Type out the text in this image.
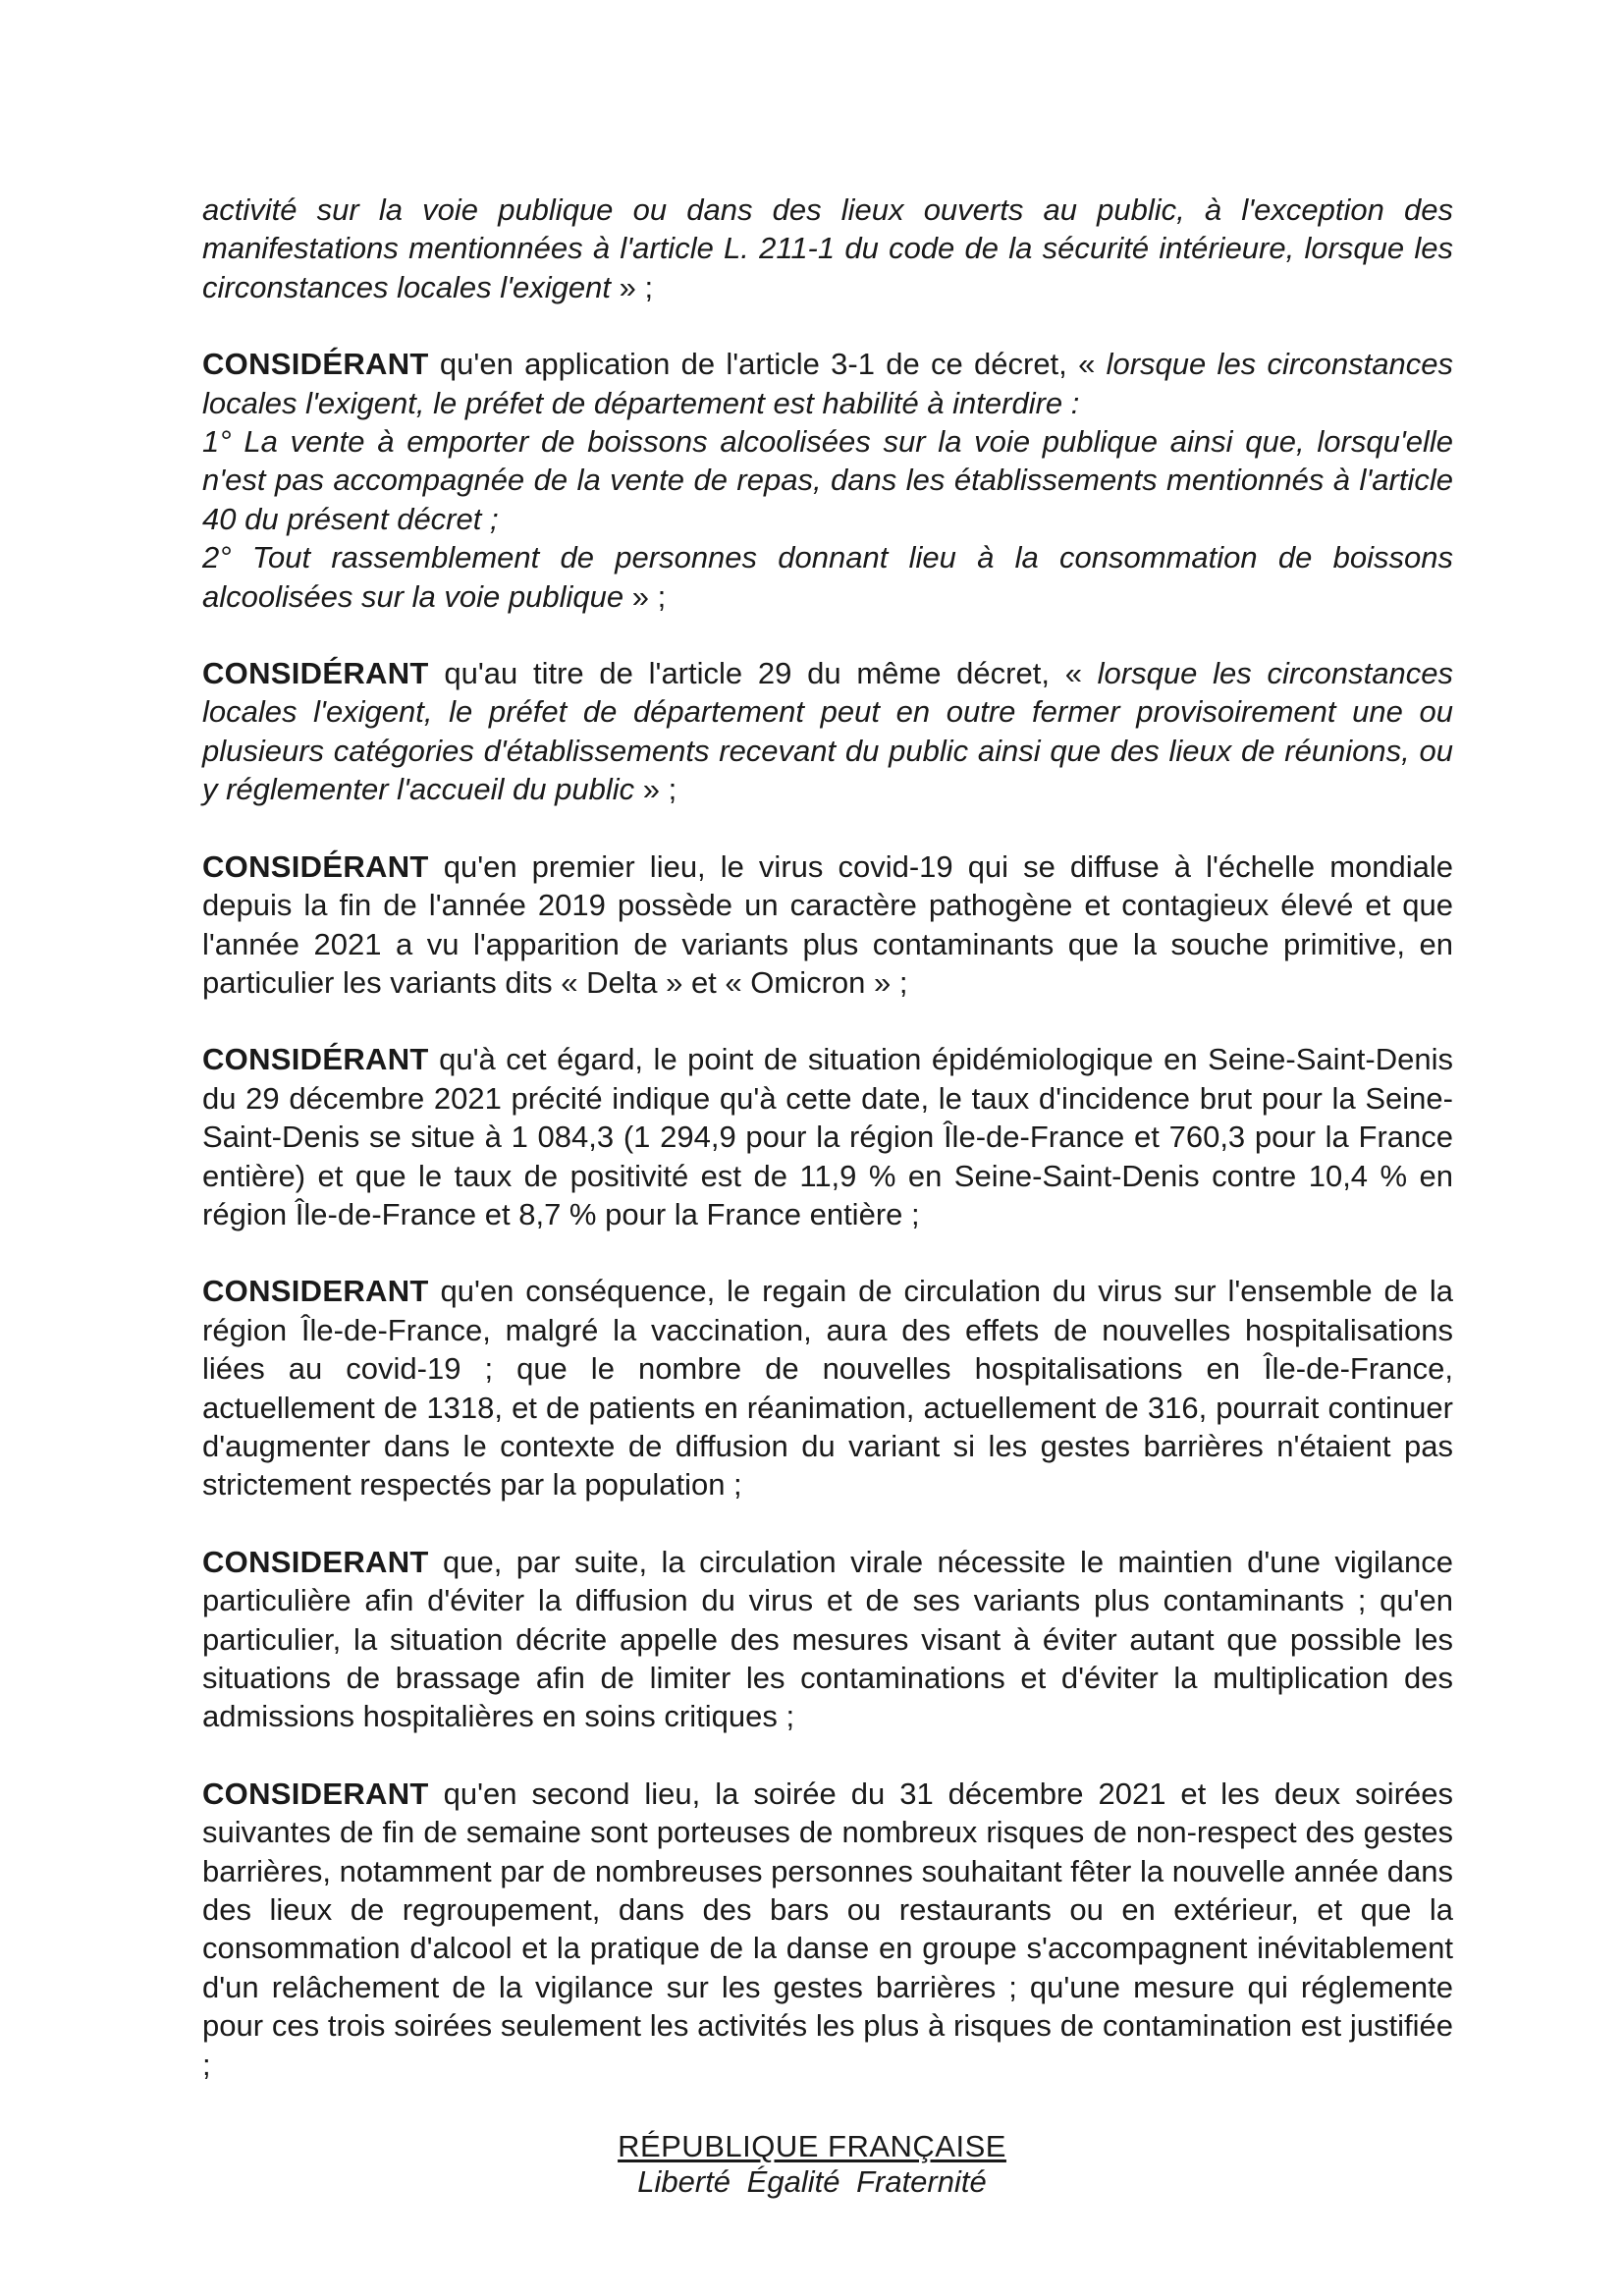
activité sur la voie publique ou dans des lieux ouverts au public, à l'exception des manifestations mentionnées à l'article L. 211-1 du code de la sécurité intérieure, lorsque les circonstances locales l'exigent » ;

CONSIDÉRANT qu'en application de l'article 3-1 de ce décret, « lorsque les circonstances locales l'exigent, le préfet de département est habilité à interdire :
1° La vente à emporter de boissons alcoolisées sur la voie publique ainsi que, lorsqu'elle n'est pas accompagnée de la vente de repas, dans les établissements mentionnés à l'article 40 du présent décret ;
2° Tout rassemblement de personnes donnant lieu à la consommation de boissons alcoolisées sur la voie publique » ;

CONSIDÉRANT qu'au titre de l'article 29 du même décret, « lorsque les circonstances locales l'exigent, le préfet de département peut en outre fermer provisoirement une ou plusieurs catégories d'établissements recevant du public ainsi que des lieux de réunions, ou y réglementer l'accueil du public » ;

CONSIDÉRANT qu'en premier lieu, le virus covid-19 qui se diffuse à l'échelle mondiale depuis la fin de l'année 2019 possède un caractère pathogène et contagieux élevé et que l'année 2021 a vu l'apparition de variants plus contaminants que la souche primitive, en particulier les variants dits « Delta » et « Omicron » ;

CONSIDÉRANT qu'à cet égard, le point de situation épidémiologique en Seine-Saint-Denis du 29 décembre 2021 précité indique qu'à cette date, le taux d'incidence brut pour la Seine-Saint-Denis se situe à 1 084,3 (1 294,9 pour la région Île-de-France et 760,3 pour la France entière) et que le taux de positivité est de 11,9 % en Seine-Saint-Denis contre 10,4 % en région Île-de-France et 8,7 % pour la France entière ;

CONSIDERANT qu'en conséquence, le regain de circulation du virus sur l'ensemble de la région Île-de-France, malgré la vaccination, aura des effets de nouvelles hospitalisations liées au covid-19 ; que le nombre de nouvelles hospitalisations en Île-de-France, actuellement de 1318, et de patients en réanimation, actuellement de 316, pourrait continuer d'augmenter dans le contexte de diffusion du variant si les gestes barrières n'étaient pas strictement respectés par la population ;

CONSIDERANT que, par suite, la circulation virale nécessite le maintien d'une vigilance particulière afin d'éviter la diffusion du virus et de ses variants plus contaminants ; qu'en particulier, la situation décrite appelle des mesures visant à éviter autant que possible les situations de brassage afin de limiter les contaminations et d'éviter la multiplication des admissions hospitalières en soins critiques ;

CONSIDERANT qu'en second lieu, la soirée du 31 décembre 2021 et les deux soirées suivantes de fin de semaine sont porteuses de nombreux risques de non-respect des gestes barrières, notamment par de nombreuses personnes souhaitant fêter la nouvelle année dans des lieux de regroupement, dans des bars ou restaurants ou en extérieur, et que la consommation d'alcool et la pratique de la danse en groupe s'accompagnent inévitablement d'un relâchement de la vigilance sur les gestes barrières ; qu'une mesure qui réglemente pour ces trois soirées seulement les activités les plus à risques de contamination est justifiée ;

RÉPUBLIQUE FRANÇAISE
Liberté Égalité Fraternité
